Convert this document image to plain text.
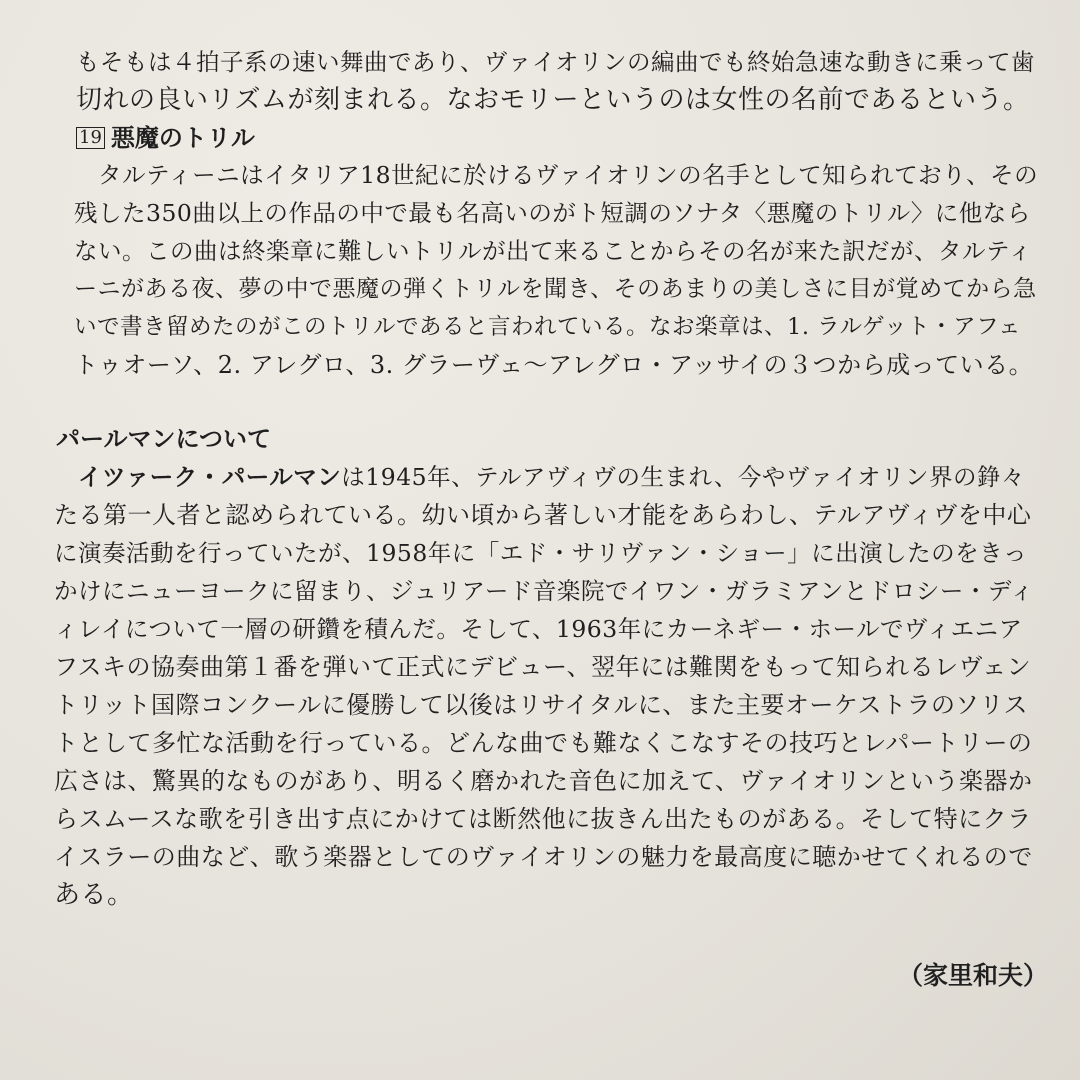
もそもは４拍子系の速い舞曲であり、ヴァイオリンの編曲でも終始急速な動きに乗って歯
切れの良いリズムが刻まれる。なおモリーというのは女性の名前であるという。
19 悪魔のトリル
タルティーニはイタリア18世紀に於けるヴァイオリンの名手として知られており、その
残した350曲以上の作品の中で最も名高いのがト短調のソナタ〈悪魔のトリル〉に他なら
ない。この曲は終楽章に難しいトリルが出て来ることからその名が来た訳だが、タルティ
ーニがある夜、夢の中で悪魔の弾くトリルを聞き、そのあまりの美しさに目が覚めてから急
いで書き留めたのがこのトリルであると言われている。なお楽章は、1. ラルゲット・アフェ
トゥオーソ、2. アレグロ、3. グラーヴェ～アレグロ・アッサイの３つから成っている。
パールマンについて
イツァーク・パールマンは1945年、テルアヴィヴの生まれ、今やヴァイオリン界の錚々
たる第一人者と認められている。幼い頃から著しい才能をあらわし、テルアヴィヴを中心
に演奏活動を行っていたが、1958年に「エド・サリヴァン・ショー」に出演したのをきっ
かけにニューヨークに留まり、ジュリアード音楽院でイワン・ガラミアンとドロシー・ディ
ィレイについて一層の研鑽を積んだ。そして、1963年にカーネギー・ホールでヴィエニア
フスキの協奏曲第１番を弾いて正式にデビュー、翌年には難関をもって知られるレヴェン
トリット国際コンクールに優勝して以後はリサイタルに、また主要オーケストラのソリス
トとして多忙な活動を行っている。どんな曲でも難なくこなすその技巧とレパートリーの
広さは、驚異的なものがあり、明るく磨かれた音色に加えて、ヴァイオリンという楽器か
らスムースな歌を引き出す点にかけては断然他に抜きん出たものがある。そして特にクラ
イスラーの曲など、歌う楽器としてのヴァイオリンの魅力を最高度に聴かせてくれるので
ある。
（家里和夫）
